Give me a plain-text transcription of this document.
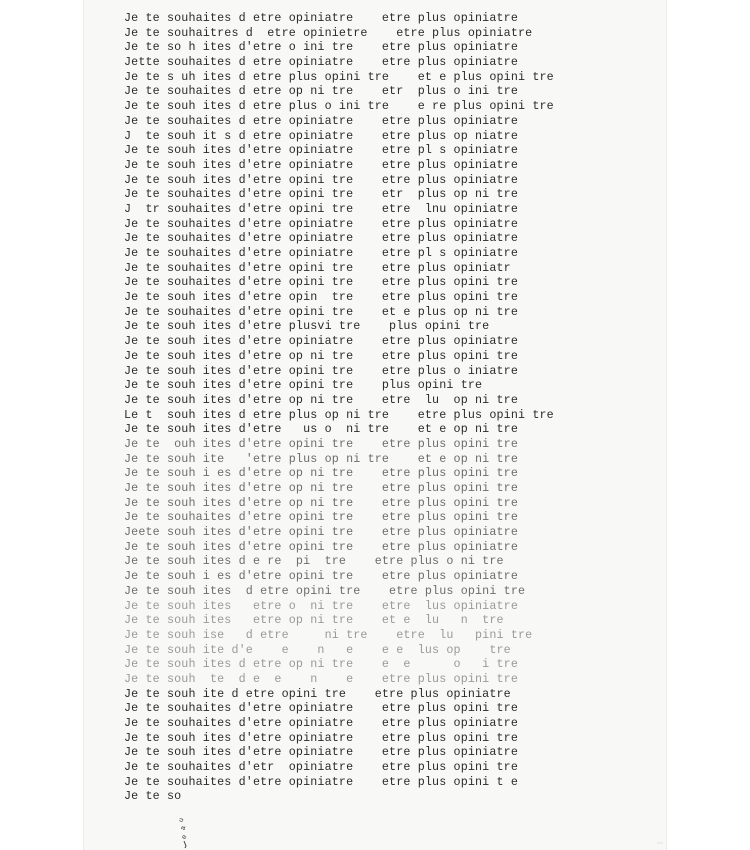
Je te souhaites d etre opiniatre    etre plus opiniatre
Je te souhaitres d  etre opinietre    etre plus opiniatre
Je te so h ites d'etre o ini tre    etre plus opiniatre
Jette souhaites d etre opiniatre    etre plus opiniatre
Je te s uh ites d etre plus opini tre    et e plus opini tre
Je te souhaites d etre op ni tre    etr  plus o ini tre
Je te souh ites d etre plus o ini tre    e re plus opini tre
Je te souhaites d etre opiniatre    etre plus opiniatre
J  te souh it s d etre opiniatre    etre plus op niatre
Je te souh ites d'etre opiniatre    etre pl s opiniatre
Je te souh ites d'etre opiniatre    etre plus opiniatre
Je te souh ites d'etre opini tre    etre plus opiniatre
Je te souhaites d'etre opini tre    etr  plus op ni tre
J  tr souhaites d'etre opini tre    etre  lnu opiniatre
Je te souhaites d'etre opiniatre    etre plus opiniatre
Je te souhaites d'etre opiniatre    etre plus opiniatre
Je te souhaites d'etre opiniatre    etre pl s opiniatre
Je te souhaites d'etre opini tre    etre plus opiniatr
Je te souhaites d'etre opini tre    etre plus opini tre
Je te souh ites d'etre opin  tre    etre plus opini tre
Je te souhaites d'etre opini tre    et e plus op ni tre
Je te souh ites d'etre plusvi tre    plus opini tre
Je te souh ites d'etre opiniatre    etre plus opiniatre
Je te souh ites d'etre op ni tre    etre plus opini tre
Je te souh ites d'etre opini tre    etre plus o iniatre
Je te souh ites d'etre opini tre    plus opini tre
Je te souh ites d'etre op ni tre    etre  lu  op ni tre
Le t  souh ites d etre plus op ni tre    etre plus opini tre
Je te souh ites d'etre   us o  ni tre    et e op ni tre
Je te  ouh ites d'etre opini tre    etre plus opini tre
Je te souh ite   'etre plus op ni tre    et e op ni tre
Je te souh i es d'etre op ni tre    etre plus opini tre
Je te souh ites d'etre op ni tre    etre plus opini tre
Je te souh ites d'etre op ni tre    etre plus opini tre
Je te souhaites d'etre opini tre    etre plus opini tre
Jeete souh ites d'etre opini tre    etre plus opiniatre
Je te souh ites d'etre opini tre    etre plus opiniatre
Je te souh ites d e re  pi  tre    etre plus o ni tre
Je te souh i es d'etre opini tre    etre plus opiniatre
Je te souh ites  d etre opini tre    etre plus opini tre
Je te souh ites   etre o  ni tre    etre  lus opiniatre
Je te souh ites   etre op ni tre    et e  lu   n  tre
Je te souh ise   d etre     ni tre    etre  lu   pini tre
Je te souh ite d'e    e    n   e    e e  lus op    tre
Je te souh ites d etre op ni tre    e  e      o   i tre
Je te souh  te  d e  e    n    e    etre plus opini tre
Je te souh ite d etre opini tre    etre plus opiniatre
Je te souhaites d'etre opiniatre    etre plus opini tre
Je te souhaites d'etre opiniatre    etre plus opiniatre
Je te souh ites d'etre opiniatre    etre plus opini tre
Je te souh ites d'etre opiniatre    etre plus opiniatre
Je te souhaites d'etr  opiniatre    etre plus opini tre
Je te souhaites d'etre opiniatre    etre plus opini t e
Je te so
u
a
e
⋯
